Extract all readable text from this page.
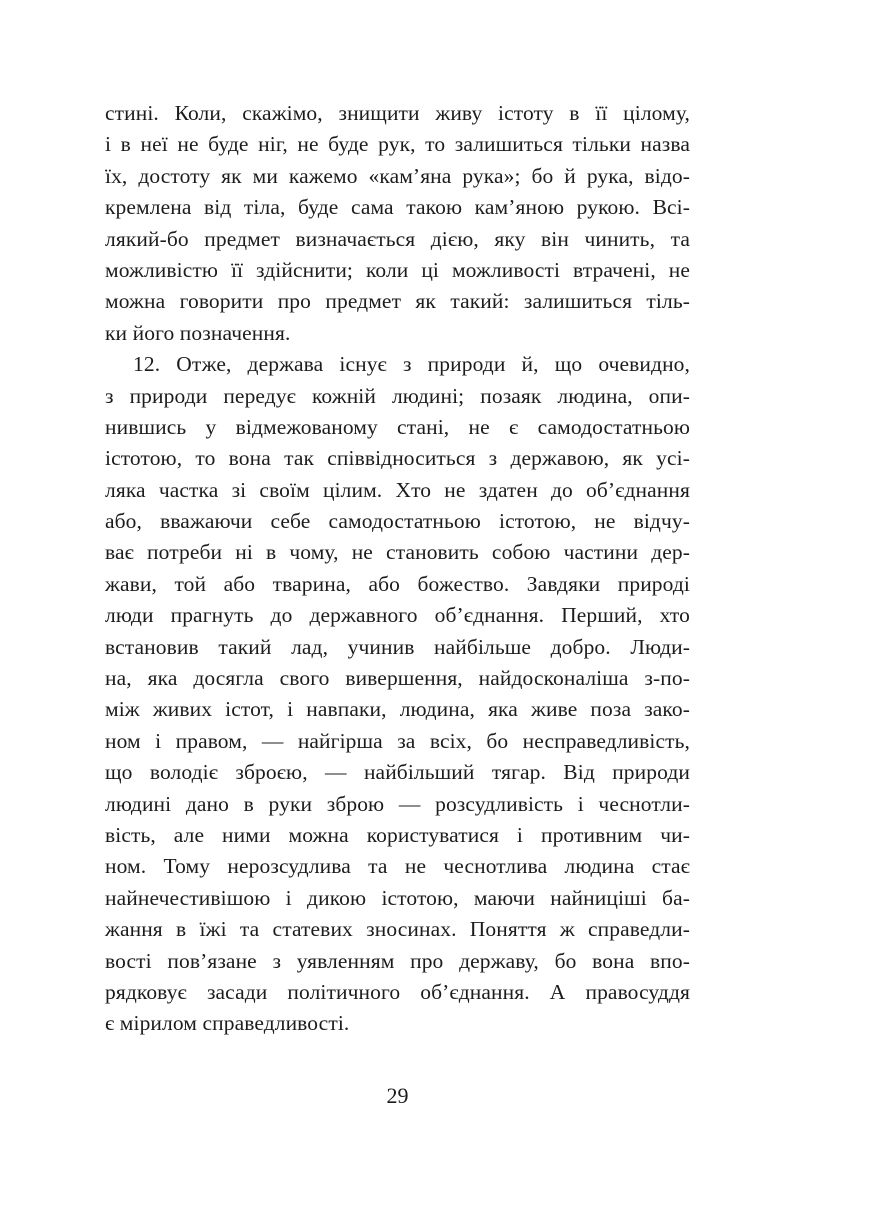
стині. Коли, скажімо, знищити живу істоту в її цілому,
і в неї не буде ніг, не буде рук, то залишиться тільки назва
їх, достоту як ми кажемо «кам’яна рука»; бо й рука, відо-
кремлена від тіла, буде сама такою кам’яною рукою. Всі-
лякий-бо предмет визначається дією, яку він чинить, та
можливістю її здійснити; коли ці можливості втрачені, не
можна говорити про предмет як такий: залишиться тіль-
ки його позначення.
12. Отже, держава існує з природи й, що очевидно,
з природи передує кожній людині; позаяк людина, опи-
нившись у відмежованому стані, не є самодостатньою
істотою, то вона так співвідноситься з державою, як усі-
ляка частка зі своїм цілим. Хто не здатен до об’єднання
або, вважаючи себе самодостатньою істотою, не відчу-
ває потреби ні в чому, не становить собою частини дер-
жави, той або тварина, або божество. Завдяки природі
люди прагнуть до державного об’єднання. Перший, хто
встановив такий лад, учинив найбільше добро. Люди-
на, яка досягла свого вивершення, найдосконаліша з-по-
між живих істот, і навпаки, людина, яка живе поза зако-
ном і правом, — найгірша за всіх, бо несправедливість,
що володіє зброєю, — найбільший тягар. Від природи
людині дано в руки зброю — розсудливість і чеснотли-
вість, але ними можна користуватися і противним чи-
ном. Тому нерозсудлива та не чеснотлива людина стає
найнечестивішою і дикою істотою, маючи найниціші ба-
жання в їжі та статевих зносинах. Поняття ж справедли-
вості пов’язане з уявленням про державу, бо вона впо-
рядковує засади політичного об’єднання. А правосуддя
є мірилом справедливості.
29
